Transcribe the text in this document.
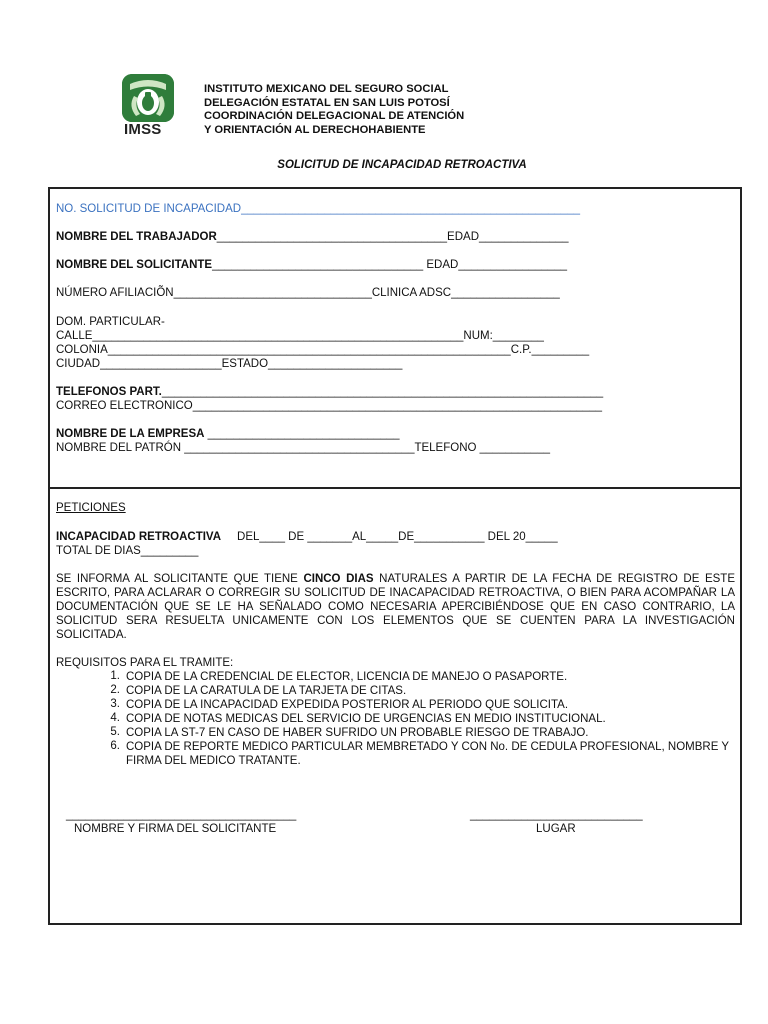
IMSS
INSTITUTO MEXICANO DEL SEGURO SOCIAL
DELEGACIÓN ESTATAL EN SAN LUIS POTOSÍ
COORDINACIÓN DELEGACIONAL DE ATENCIÓN
Y ORIENTACIÓN AL DERECHOHABIENTE
SOLICITUD DE INCAPACIDAD RETROACTIVA
NO. SOLICITUD DE INCAPACIDAD_____________________________________________________
NOMBRE DEL TRABAJADOR____________________________________EDAD______________
NOMBRE DEL SOLICITANTE_________________________________ EDAD_________________
NÚMERO AFILIACIÕN_______________________________CLINICA ADSC_________________
DOM. PARTICULAR-
CALLE__________________________________________________________NUM:________
COLONIA_______________________________________________________________C.P._________
CIUDAD___________________ESTADO_____________________
TELEFONOS PART._____________________________________________________________________
CORREO ELECTRONICO________________________________________________________________
NOMBRE DE LA EMPRESA ______________________________
NOMBRE DEL PATRÓN ____________________________________TELEFONO ___________
PETICIONES
INCAPACIDAD RETROACTIVA     DEL____ DE _______AL_____DE___________ DEL 20_____
TOTAL DE DIAS_________
SE INFORMA AL SOLICITANTE QUE TIENE CINCO DIAS NATURALES A PARTIR DE LA FECHA DE REGISTRO DE ESTE ESCRITO, PARA ACLARAR O CORREGIR SU SOLICITUD DE INACAPACIDAD RETROACTIVA, O BIEN PARA ACOMPAÑAR LA DOCUMENTACIÓN QUE SE LE HA SEÑALADO COMO NECESARIA APERCIBIÉNDOSE QUE EN CASO CONTRARIO, LA SOLICITUD SERA RESUELTA UNICAMENTE CON LOS ELEMENTOS QUE SE CUENTEN PARA LA INVESTIGACIÓN SOLICITADA.
REQUISITOS PARA EL TRAMITE:
1. COPIA DE LA CREDENCIAL DE ELECTOR, LICENCIA DE MANEJO O PASAPORTE.
2. COPIA DE LA CARATULA DE LA TARJETA DE CITAS.
3. COPIA DE LA INCAPACIDAD EXPEDIDA POSTERIOR AL PERIODO QUE SOLICITA.
4. COPIA DE NOTAS MEDICAS DEL SERVICIO DE URGENCIAS EN MEDIO INSTITUCIONAL.
5. COPIA LA ST-7 EN CASO DE HABER SUFRIDO UN PROBABLE RIESGO DE TRABAJO.
6. COPIA DE REPORTE MEDICO PARTICULAR MEMBRETADO Y CON No. DE CEDULA PROFESIONAL, NOMBRE Y FIRMA DEL MEDICO TRATANTE.
____________________________________
NOMBRE Y FIRMA DEL SOLICITANTE
___________________________
LUGAR
